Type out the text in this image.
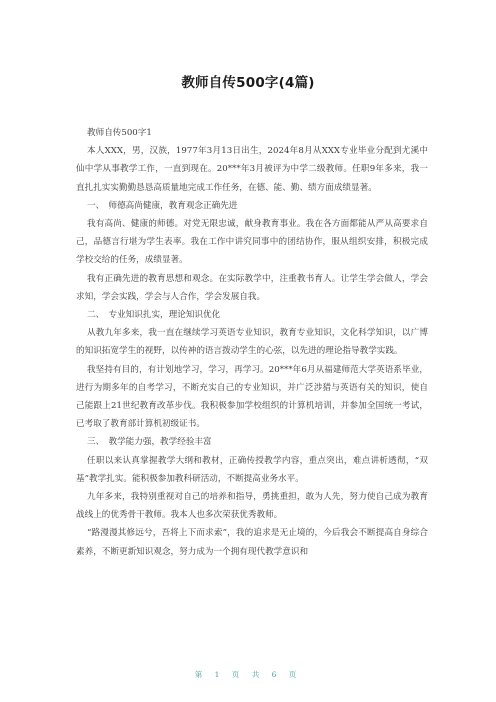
教师自传500字(4篇)

教师自传500字1

本人XXX，男，汉族，1977年3月13日出生，2024年8月从XXX专业毕业分配到尤溪中仙中学从事教学工作，一直到现在。20***年3月被评为中学二级教师。任职9年多来，我一直扎扎实实勤勤恳恳高质量地完成工作任务，在德、能、勤、绩方面成绩显著。

一、　师德高尚健康，教育观念正确先进

我有高尚、健康的师德。对党无限忠诚，献身教育事业。我在各方面都能从严从高要求自己，品德言行堪为学生表率。我在工作中讲究同事中的团结协作，服从组织安排，积极完成学校交给的任务，成绩显著。

我有正确先进的教育思想和观念。在实际教学中，注重教书育人。让学生学会做人，学会求知，学会实践，学会与人合作，学会发展自我。

二、　专业知识扎实，理论知识优化

从教九年多来，我一直在继续学习英语专业知识，教育专业知识，文化科学知识，以广博的知识拓宽学生的视野，以传神的语言拨动学生的心弦，以先进的理论指导教学实践。

我坚持有目的，有计划地学习，学习，再学习。20***年6月从福建师范大学英语系毕业，进行为期多年的自考学习，不断充实自己的专业知识，并广泛涉猎与英语有关的知识，使自己能跟上21世纪教育改革步伐。我积极参加学校组织的计算机培训，并参加全国统一考试，已考取了教育部计算机初级证书。

三、　教学能力强，教学经验丰富

任职以来认真掌握教学大纲和教材，正确传授教学内容，重点突出，难点讲析透彻，“双基”教学扎实。能积极参加教科研活动，不断提高业务水平。

九年多来，我特别重视对自己的培养和指导，勇挑重担，敢为人先，努力使自己成为教育战线上的优秀骨干教师。我本人也多次荣获优秀教师。

“路漫漫其修远兮，吾将上下而求索”，我的追求是无止境的，今后我会不断提高自身综合素养，不断更新知识观念，努力成为一个拥有现代教学意识和

第 1 页 共 6 页
